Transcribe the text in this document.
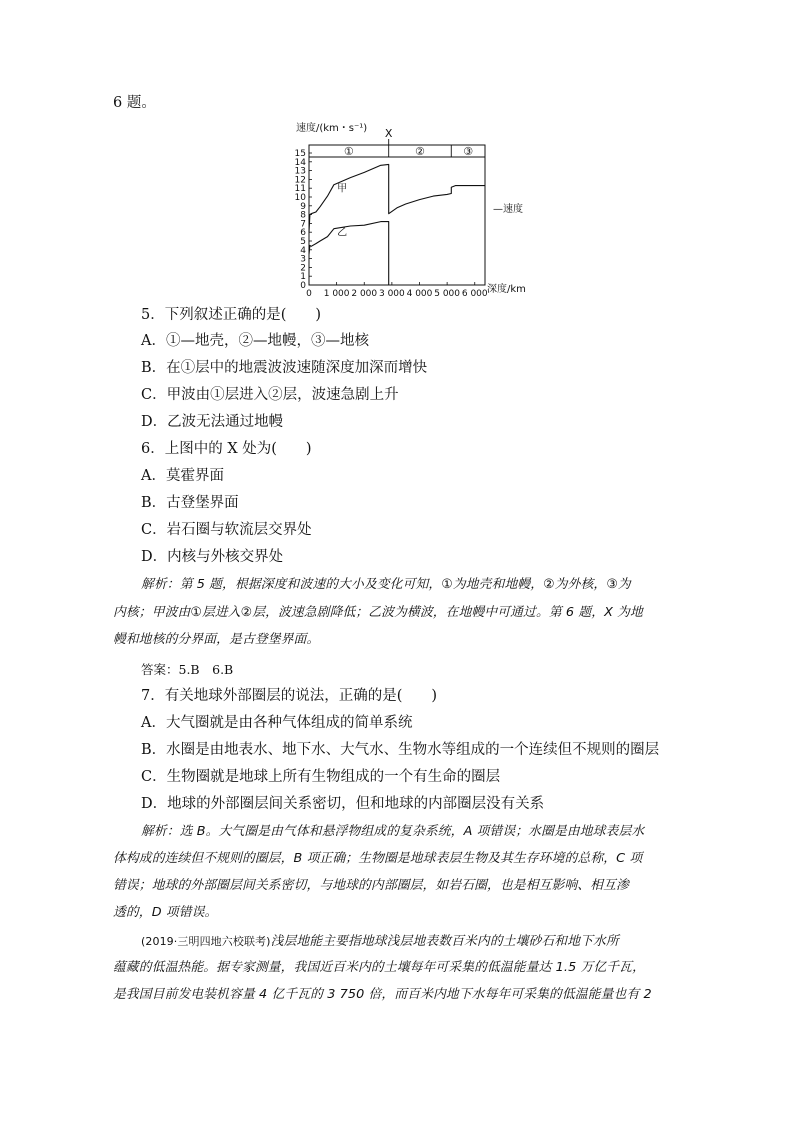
6 题。
速度/(km・s⁻¹)
0
1
2
3
4
5
6
7
8
9
10
11
12
13
14
15
0 1 000 2 000 3 000 4 000 5 000 6 000
①
X
②	③
甲
乙
深度/km
—速度
5．下列叙述正确的是(　　)
A．①—地壳，②—地幔，③—地核
B．在①层中的地震波波速随深度加深而增快
C．甲波由①层进入②层，波速急剧上升
D．乙波无法通过地幔
6．上图中的 X 处为(　　)
A．莫霍界面
B．古登堡界面
C．岩石圈与软流层交界处
D．内核与外核交界处
解析：第 5 题，根据深度和波速的大小及变化可知，①为地壳和地幔，②为外核，③为
内核；甲波由①层进入②层，波速急剧降低；乙波为横波，在地幔中可通过。第 6 题，X 为地
幔和地核的分界面，是古登堡界面。
答案：5.B　6.B
7．有关地球外部圈层的说法，正确的是(　　)
A．大气圈就是由各种气体组成的简单系统
B．水圈是由地表水、地下水、大气水、生物水等组成的一个连续但不规则的圈层
C．生物圈就是地球上所有生物组成的一个有生命的圈层
D．地球的外部圈层间关系密切，但和地球的内部圈层没有关系
解析：选 B。大气圈是由气体和悬浮物组成的复杂系统，A 项错误；水圈是由地球表层水
体构成的连续但不规则的圈层，B 项正确；生物圈是地球表层生物及其生存环境的总称，C 项
错误；地球的外部圈层间关系密切，与地球的内部圈层，如岩石圈，也是相互影响、相互渗
透的，D 项错误。
(2019·三明四地六校联考)浅层地能主要指地球浅层地表数百米内的土壤砂石和地下水所
蕴藏的低温热能。据专家测量，我国近百米内的土壤每年可采集的低温能量达 1.5 万亿千瓦，
是我国目前发电装机容量 4 亿千瓦的 3 750 倍，而百米内地下水每年可采集的低温能量也有 2
